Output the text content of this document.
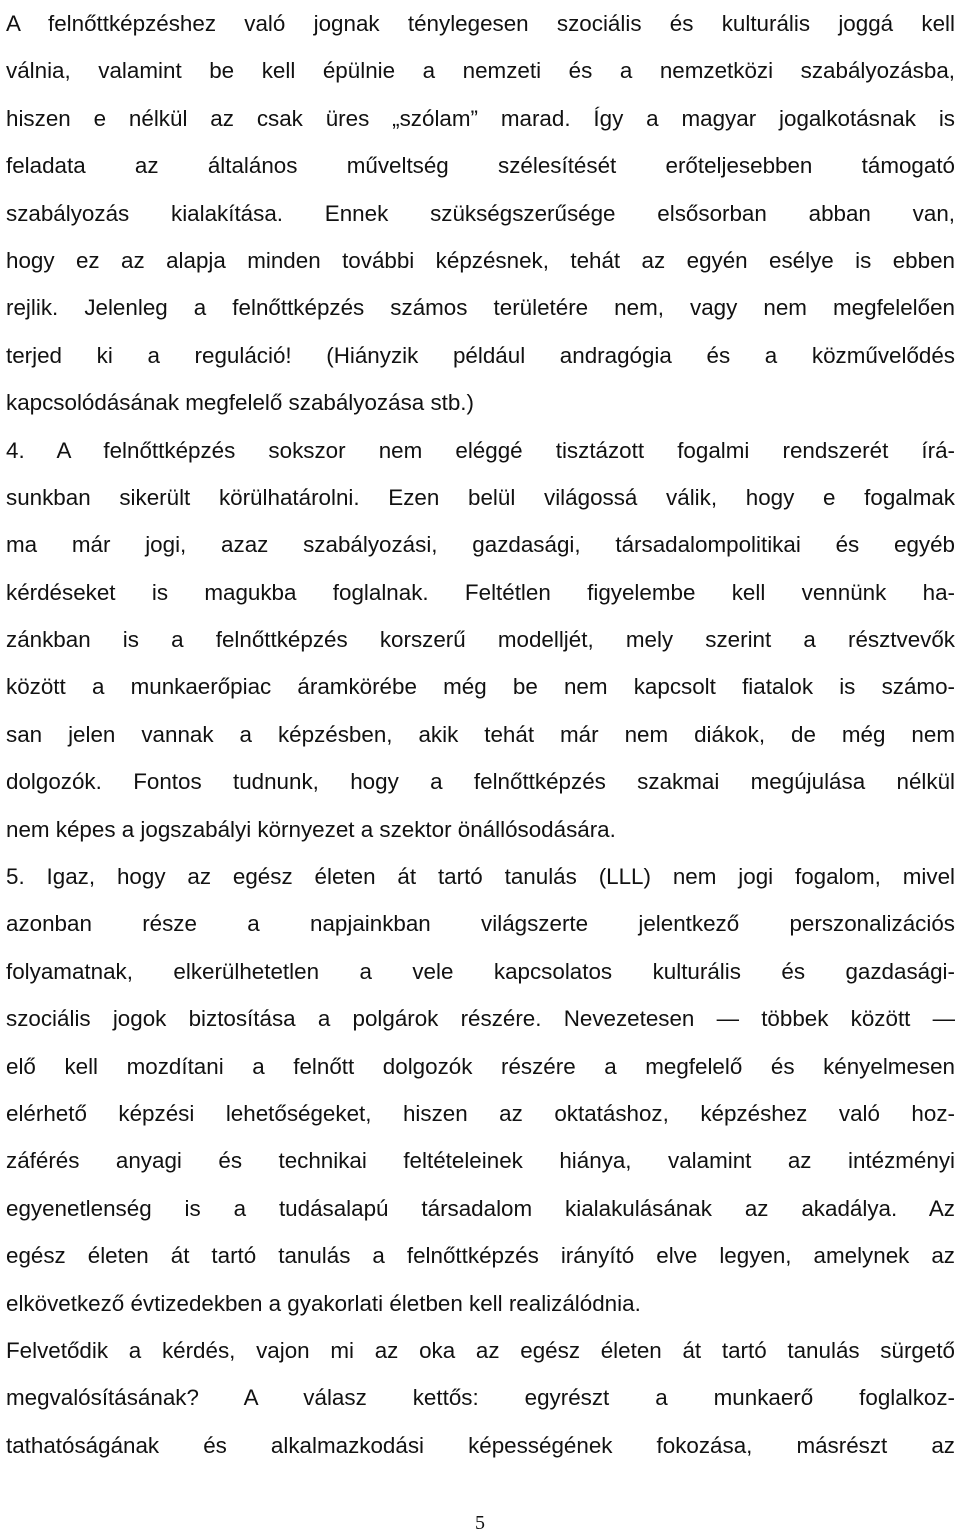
A felnőttképzéshez való jognak ténylegesen szociális és kulturális joggá kell
válnia, valamint be kell épülnie a nemzeti és a nemzetközi szabályozásba,
hiszen e nélkül az csak üres „szólam” marad. Így a magyar jogalkotásnak is
feladata az általános műveltség szélesítését erőteljesebben támogató
szabályozás kialakítása. Ennek szükségszerűsége elsősorban abban van,
hogy ez az alapja minden további képzésnek, tehát az egyén esélye is ebben
rejlik. Jelenleg a felnőttképzés számos területére nem, vagy nem megfelelően
terjed ki a reguláció! (Hiányzik például andragógia és a közművelődés
kapcsolódásának megfelelő szabályozása stb.)
4. A felnőttképzés sokszor nem eléggé tisztázott fogalmi rendszerét írá-
sunkban sikerült körülhatárolni. Ezen belül világossá válik, hogy e fogalmak
ma már jogi, azaz szabályozási, gazdasági, társadalompolitikai és egyéb
kérdéseket is magukba foglalnak. Feltétlen figyelembe kell vennünk ha-
zánkban is a felnőttképzés korszerű modelljét, mely szerint a résztvevők
között a munkaerőpiac áramkörébe még be nem kapcsolt fiatalok is számo-
san jelen vannak a képzésben, akik tehát már nem diákok, de még nem
dolgozók. Fontos tudnunk, hogy a felnőttképzés szakmai megújulása nélkül
nem képes a jogszabályi környezet a szektor önállósodására.
5. Igaz, hogy az egész életen át tartó tanulás (LLL) nem jogi fogalom, mivel
azonban része a napjainkban világszerte jelentkező perszonalizációs
folyamatnak, elkerülhetetlen a vele kapcsolatos kulturális és gazdasági-
szociális jogok biztosítása a polgárok részére. Nevezetesen — többek között —
elő kell mozdítani a felnőtt dolgozók részére a megfelelő és kényelmesen
elérhető képzési lehetőségeket, hiszen az oktatáshoz, képzéshez való hoz-
záférés anyagi és technikai feltételeinek hiánya, valamint az intézményi
egyenetlenség is a tudásalapú társadalom kialakulásának az akadálya. Az
egész életen át tartó tanulás a felnőttképzés irányító elve legyen, amelynek az
elkövetkező évtizedekben a gyakorlati életben kell realizálódnia.
Felvetődik a kérdés, vajon mi az oka az egész életen át tartó tanulás sürgető
megvalósításának? A válasz kettős: egyrészt a munkaerő foglalkoz-
tathatóságának és alkalmazkodási képességének fokozása, másrészt az
5
